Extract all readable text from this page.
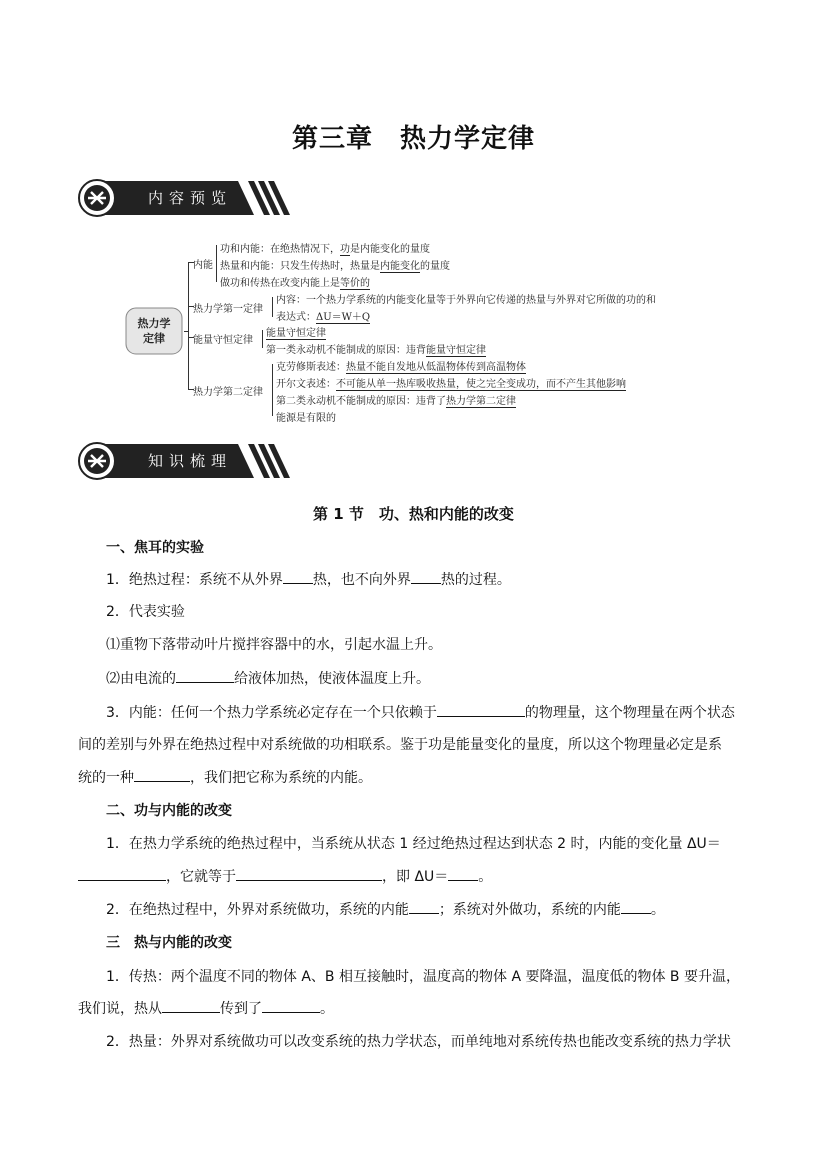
第三章　热力学定律
内容预览
热力学
定律
内能
功和内能：在绝热情况下，功是内能变化的量度
热量和内能：只发生传热时，热量是内能变化的量度
做功和传热在改变内能上是等价的
热力学第一定律
内容：一个热力学系统的内能变化量等于外界向它传递的热量与外界对它所做的功的和
表达式：ΔU＝W＋Q
能量守恒定律
能量守恒定律
第一类永动机不能制成的原因：违背能量守恒定律
热力学第二定律
克劳修斯表述：热量不能自发地从低温物体传到高温物体
开尔文表述：不可能从单一热库吸收热量，使之完全变成功，而不产生其他影响
第二类永动机不能制成的原因：违背了热力学第二定律
能源是有限的
知识梳理
第 1 节　功、热和内能的改变
一、焦耳的实验
1．绝热过程：系统不从外界 热，也不向外界 热的过程。
2．代表实验
⑴重物下落带动叶片搅拌容器中的水，引起水温上升。
⑵由电流的	给液体加热，使液体温度上升。
3．内能：任何一个热力学系统必定存在一个只依赖于	的物理量，这个物理量在两个状态
间的差别与外界在绝热过程中对系统做的功相联系。鉴于功是能量变化的量度，所以这个物理量必定是系
统的一种	，我们把它称为系统的内能。
二、功与内能的改变
1．在热力学系统的绝热过程中，当系统从状态 1 经过绝热过程达到状态 2 时，内能的变化量 ΔU＝
，它就等于	，即 ΔU＝ 。
2．在绝热过程中，外界对系统做功，系统的内能 ；系统对外做功，系统的内能 。
三　热与内能的改变
1．传热：两个温度不同的物体 A、B 相互接触时，温度高的物体 A 要降温，温度低的物体 B 要升温，
我们说，热从	传到了	。
2．热量：外界对系统做功可以改变系统的热力学状态，而单纯地对系统传热也能改变系统的热力学状
